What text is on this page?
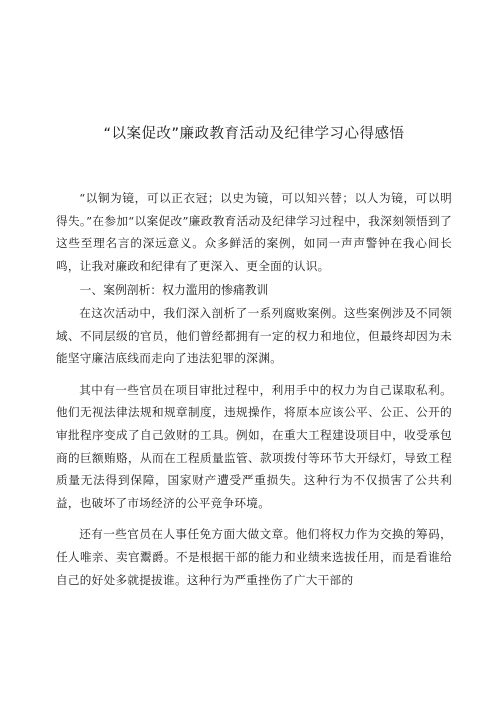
“以案促改”廉政教育活动及纪律学习心得感悟

“以铜为镜，可以正衣冠；以史为镜，可以知兴替；以人为镜，可以明得失。”在参加“以案促改”廉政教育活动及纪律学习过程中，我深刻领悟到了这些至理名言的深远意义。众多鲜活的案例，如同一声声警钟在我心间长鸣，让我对廉政和纪律有了更深入、更全面的认识。

一、案例剖析：权力滥用的惨痛教训

在这次活动中，我们深入剖析了一系列腐败案例。这些案例涉及不同领域、不同层级的官员，他们曾经都拥有一定的权力和地位，但最终却因为未能坚守廉洁底线而走向了违法犯罪的深渊。

其中有一些官员在项目审批过程中，利用手中的权力为自己谋取私利。他们无视法律法规和规章制度，违规操作，将原本应该公平、公正、公开的审批程序变成了自己敛财的工具。例如，在重大工程建设项目中，收受承包商的巨额贿赂，从而在工程质量监管、款项拨付等环节大开绿灯，导致工程质量无法得到保障，国家财产遭受严重损失。这种行为不仅损害了公共利益，也破坏了市场经济的公平竞争环境。

还有一些官员在人事任免方面大做文章。他们将权力作为交换的筹码，任人唯亲、卖官鬻爵。不是根据干部的能力和业绩来选拔任用，而是看谁给自己的好处多就提拔谁。这种行为严重挫伤了广大干部的
